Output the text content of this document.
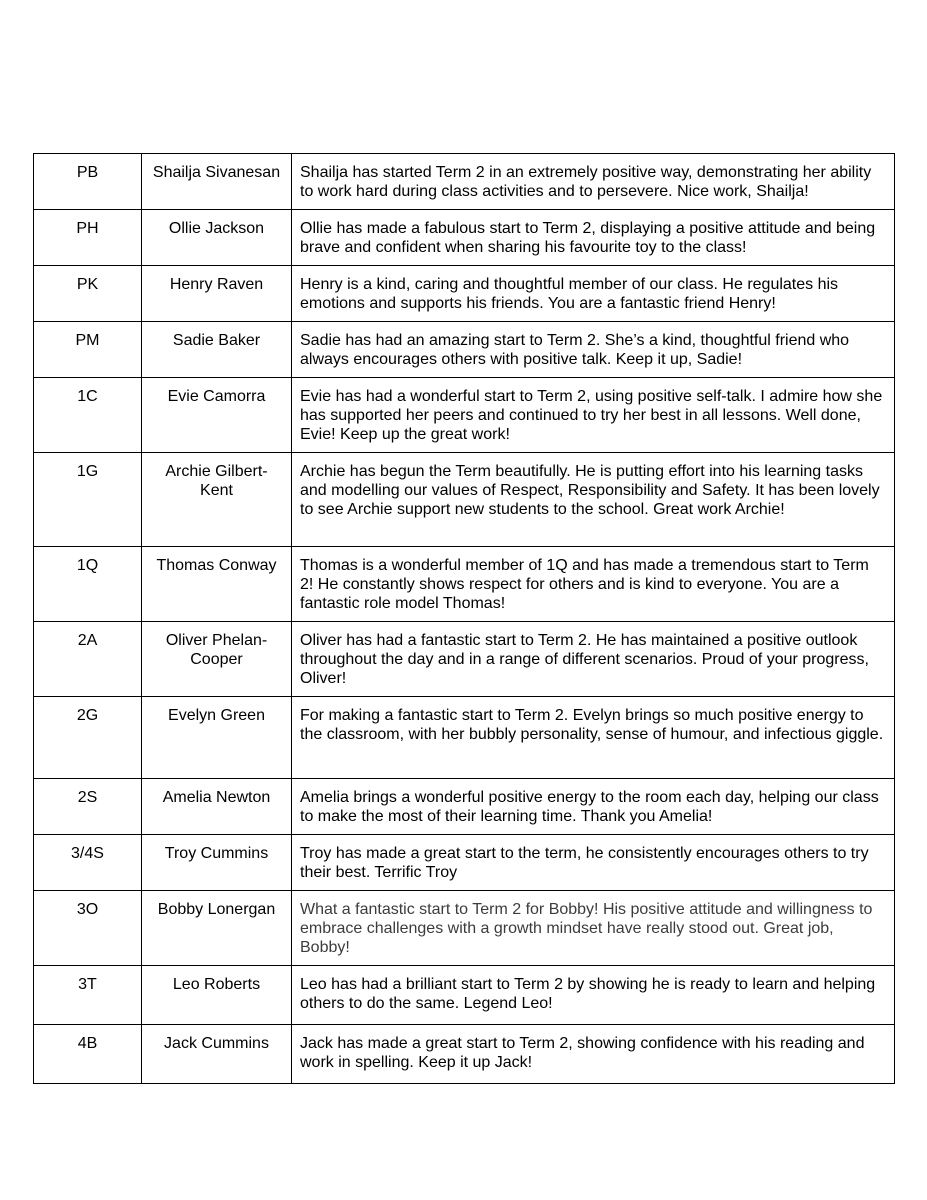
PB	Shailja Sivanesan	Shailja has started Term 2 in an extremely positive way, demonstrating her ability to work hard during class activities and to persevere. Nice work, Shailja!
PH	Ollie Jackson	Ollie has made a fabulous start to Term 2, displaying a positive attitude and being brave and confident when sharing his favourite toy to the class!
PK	Henry Raven	Henry is a kind, caring and thoughtful member of our class. He regulates his emotions and supports his friends. You are a fantastic friend Henry!
PM	Sadie Baker	Sadie has had an amazing start to Term 2. She’s a kind, thoughtful friend who always encourages others with positive talk. Keep it up, Sadie!
1C	Evie Camorra	Evie has had a wonderful start to Term 2, using positive self-talk. I admire how she has supported her peers and continued to try her best in all lessons. Well done, Evie! Keep up the great work!
1G	Archie Gilbert-Kent	Archie has begun the Term beautifully. He is putting effort into his learning tasks and modelling our values of Respect, Responsibility and Safety. It has been lovely to see Archie support new students to the school. Great work Archie!
1Q	Thomas Conway	Thomas is a wonderful member of 1Q and has made a tremendous start to Term 2! He constantly shows respect for others and is kind to everyone. You are a fantastic role model Thomas!
2A	Oliver Phelan-Cooper	Oliver has had a fantastic start to Term 2. He has maintained a positive outlook throughout the day and in a range of different scenarios. Proud of your progress, Oliver!
2G	Evelyn Green	For making a fantastic start to Term 2. Evelyn brings so much positive energy to the classroom, with her bubbly personality, sense of humour, and infectious giggle.
2S	Amelia Newton	Amelia brings a wonderful positive energy to the room each day, helping our class to make the most of their learning time. Thank you Amelia!
3/4S	Troy Cummins	Troy has made a great start to the term, he consistently encourages others to try their best. Terrific Troy
3O	Bobby Lonergan	What a fantastic start to Term 2 for Bobby! His positive attitude and willingness to embrace challenges with a growth mindset have really stood out. Great job, Bobby!
3T	Leo Roberts	Leo has had a brilliant start to Term 2 by showing he is ready to learn and helping others to do the same. Legend Leo!
4B	Jack Cummins	Jack has made a great start to Term 2, showing confidence with his reading and work in spelling. Keep it up Jack!
